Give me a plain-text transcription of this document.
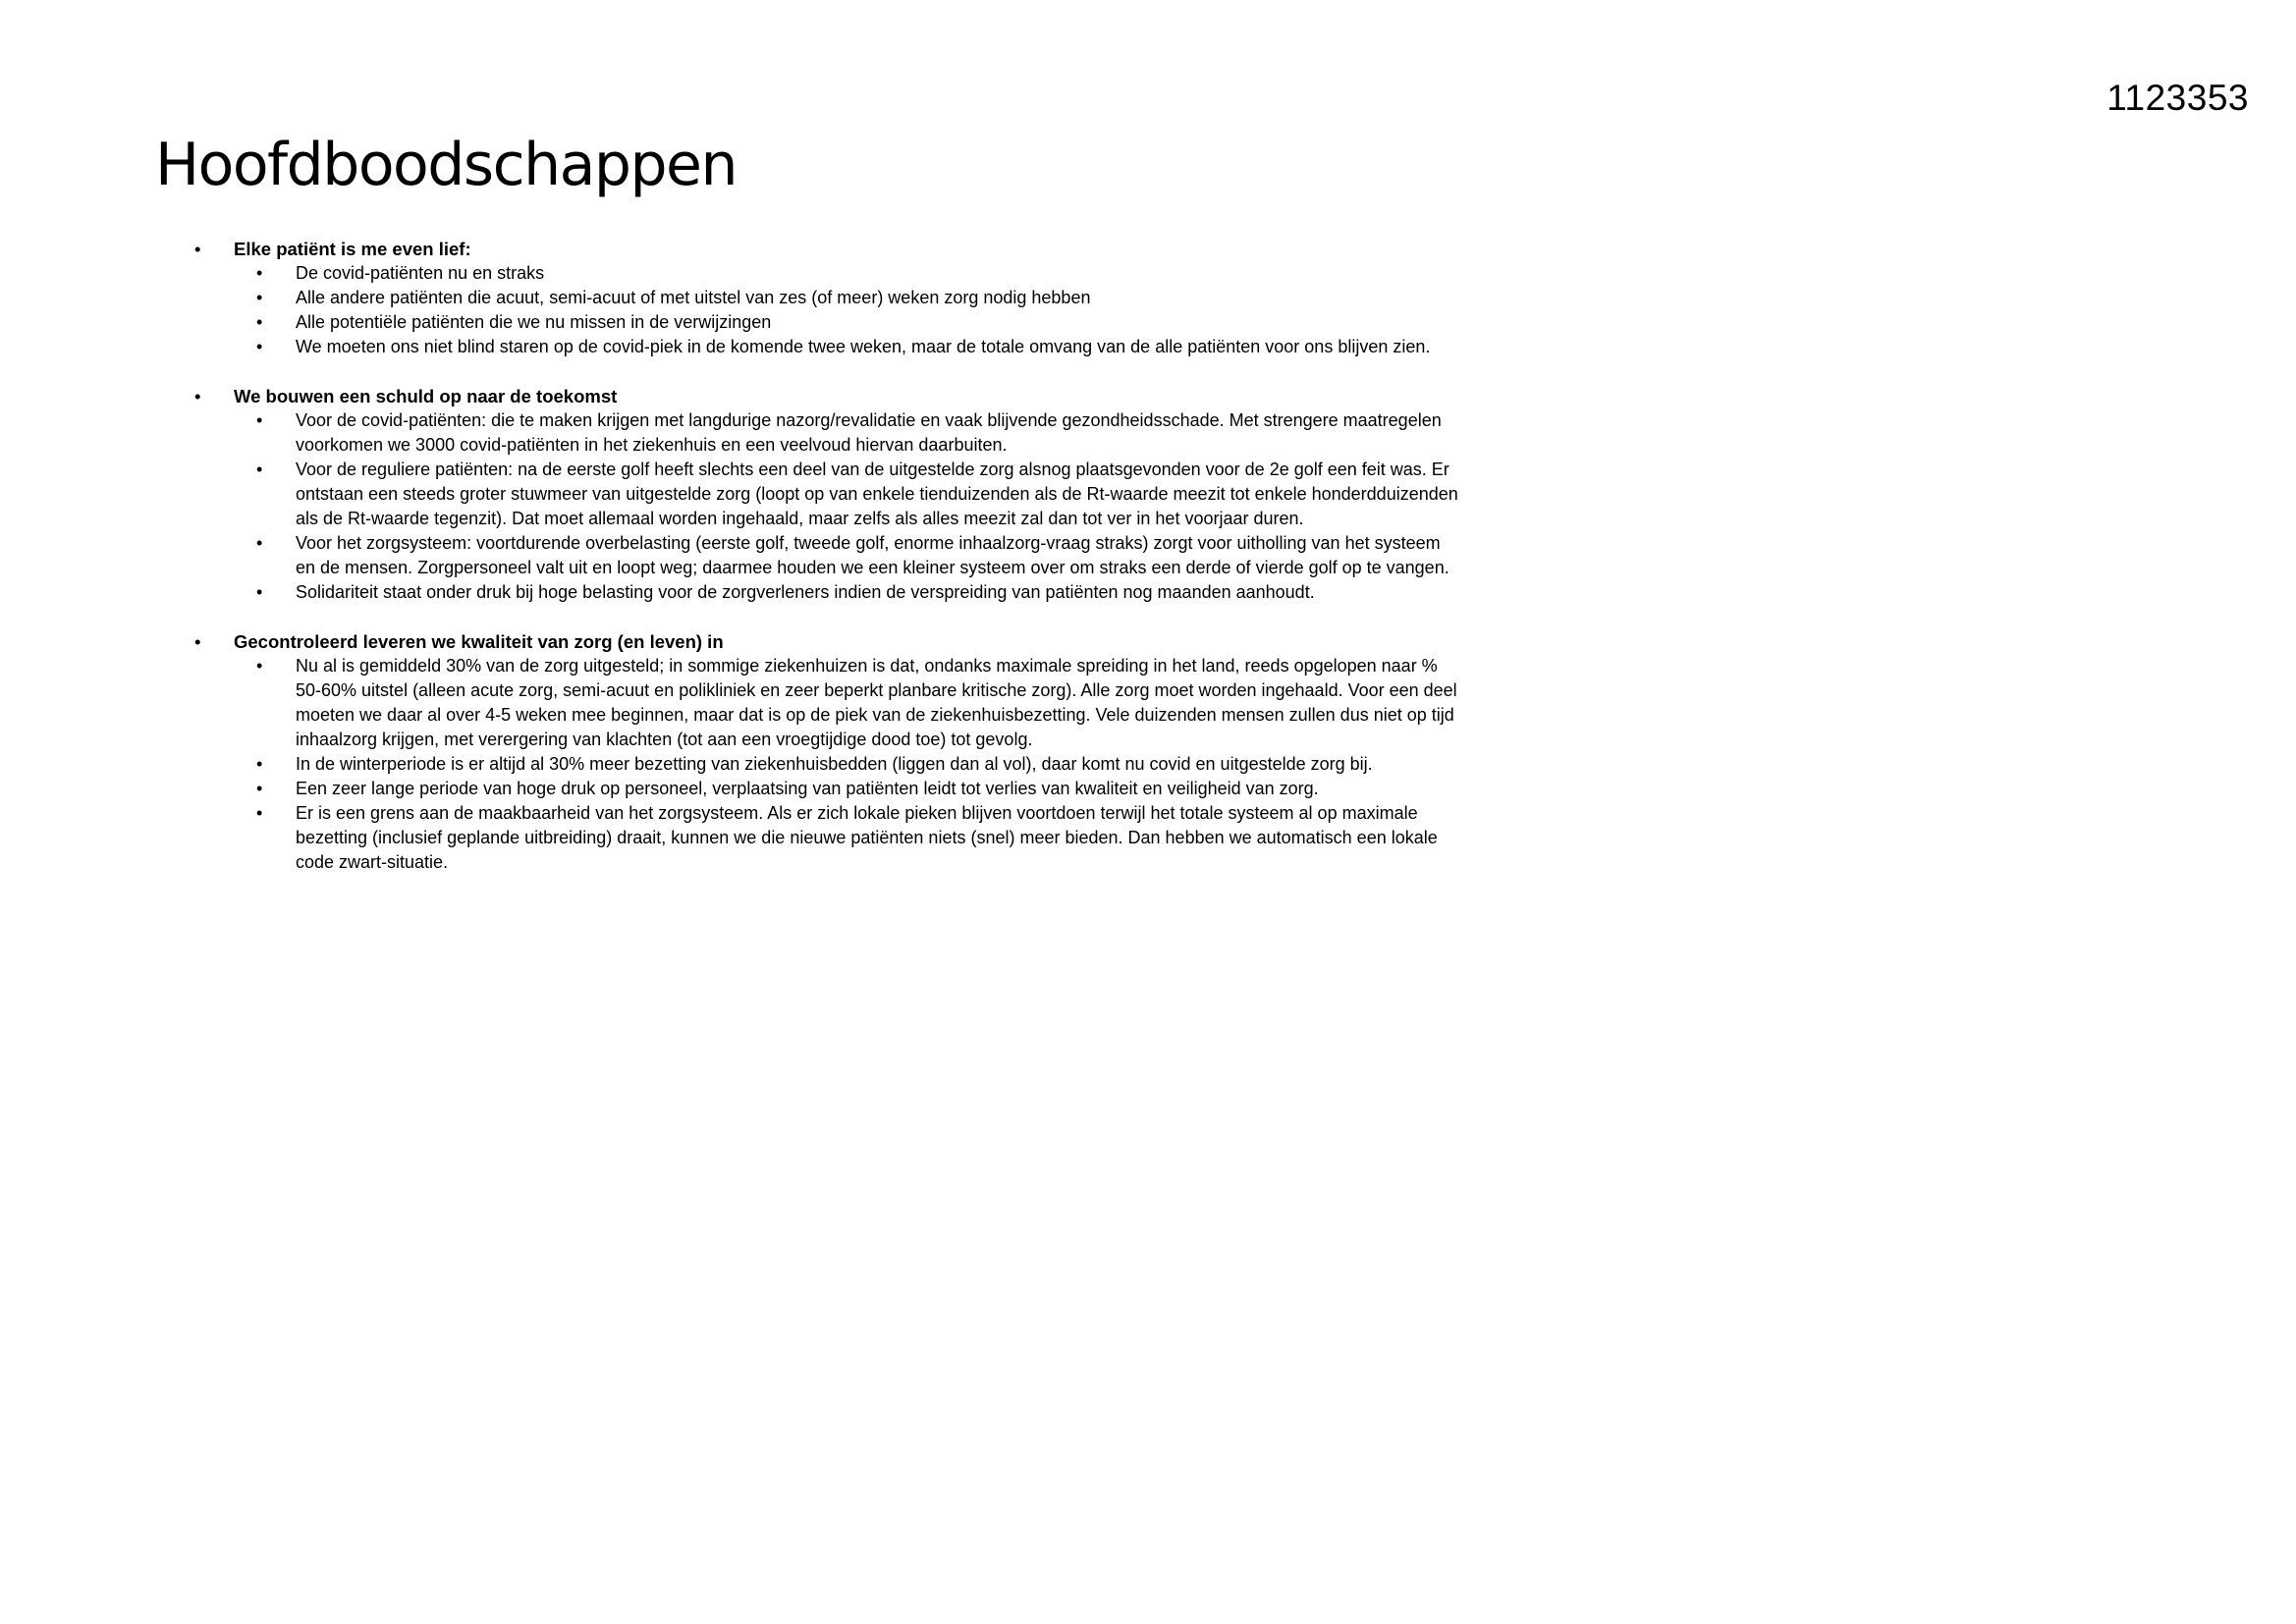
1123353
Hoofdboodschappen
• Elke patiënt is me even lief:
• De covid-patiënten nu en straks
• Alle andere patiënten die acuut, semi-acuut of met uitstel van zes (of meer) weken zorg nodig hebben
• Alle potentiële patiënten die we nu missen in de verwijzingen
• We moeten ons niet blind staren op de covid-piek in de komende twee weken, maar de totale omvang van de alle patiënten voor ons blijven zien.
• We bouwen een schuld op naar de toekomst
• Voor de covid-patiënten: die te maken krijgen met langdurige nazorg/revalidatie en vaak blijvende gezondheidsschade. Met strengere maatregelen voorkomen we 3000 covid-patiënten in het ziekenhuis en een veelvoud hiervan daarbuiten.
• Voor de reguliere patiënten: na de eerste golf heeft slechts een deel van de uitgestelde zorg alsnog plaatsgevonden voor de 2e golf een feit was. Er ontstaan een steeds groter stuwmeer van uitgestelde zorg (loopt op van enkele tienduizenden als de Rt-waarde meezit tot enkele honderdduizenden als de Rt-waarde tegenzit). Dat moet allemaal worden ingehaald, maar zelfs als alles meezit zal dan tot ver in het voorjaar duren.
• Voor het zorgsysteem: voortdurende overbelasting (eerste golf, tweede golf, enorme inhaalzorg-vraag straks) zorgt voor uitholling van het systeem en de mensen. Zorgpersoneel valt uit en loopt weg; daarmee houden we een kleiner systeem over om straks een derde of vierde golf op te vangen.
• Solidariteit staat onder druk bij hoge belasting voor de zorgverleners indien de verspreiding van patiënten nog maanden aanhoudt.
• Gecontroleerd leveren we kwaliteit van zorg (en leven) in
• Nu al is gemiddeld 30% van de zorg uitgesteld; in sommige ziekenhuizen is dat, ondanks maximale spreiding in het land, reeds opgelopen naar % 50-60% uitstel (alleen acute zorg, semi-acuut en polikliniek en zeer beperkt planbare kritische zorg). Alle zorg moet worden ingehaald. Voor een deel moeten we daar al over 4-5 weken mee beginnen, maar dat is op de piek van de ziekenhuisbezetting. Vele duizenden mensen zullen dus niet op tijd inhaalzorg krijgen, met verergering van klachten (tot aan een vroegtijdige dood toe) tot gevolg.
• In de winterperiode is er altijd al 30% meer bezetting van ziekenhuisbedden (liggen dan al vol), daar komt nu covid en uitgestelde zorg bij.
• Een zeer lange periode van hoge druk op personeel, verplaatsing van patiënten leidt tot verlies van kwaliteit en veiligheid van zorg.
• Er is een grens aan de maakbaarheid van het zorgsysteem. Als er zich lokale pieken blijven voortdoen terwijl het totale systeem al op maximale bezetting (inclusief geplande uitbreiding) draait, kunnen we die nieuwe patiënten niets (snel) meer bieden. Dan hebben we automatisch een lokale code zwart-situatie.
